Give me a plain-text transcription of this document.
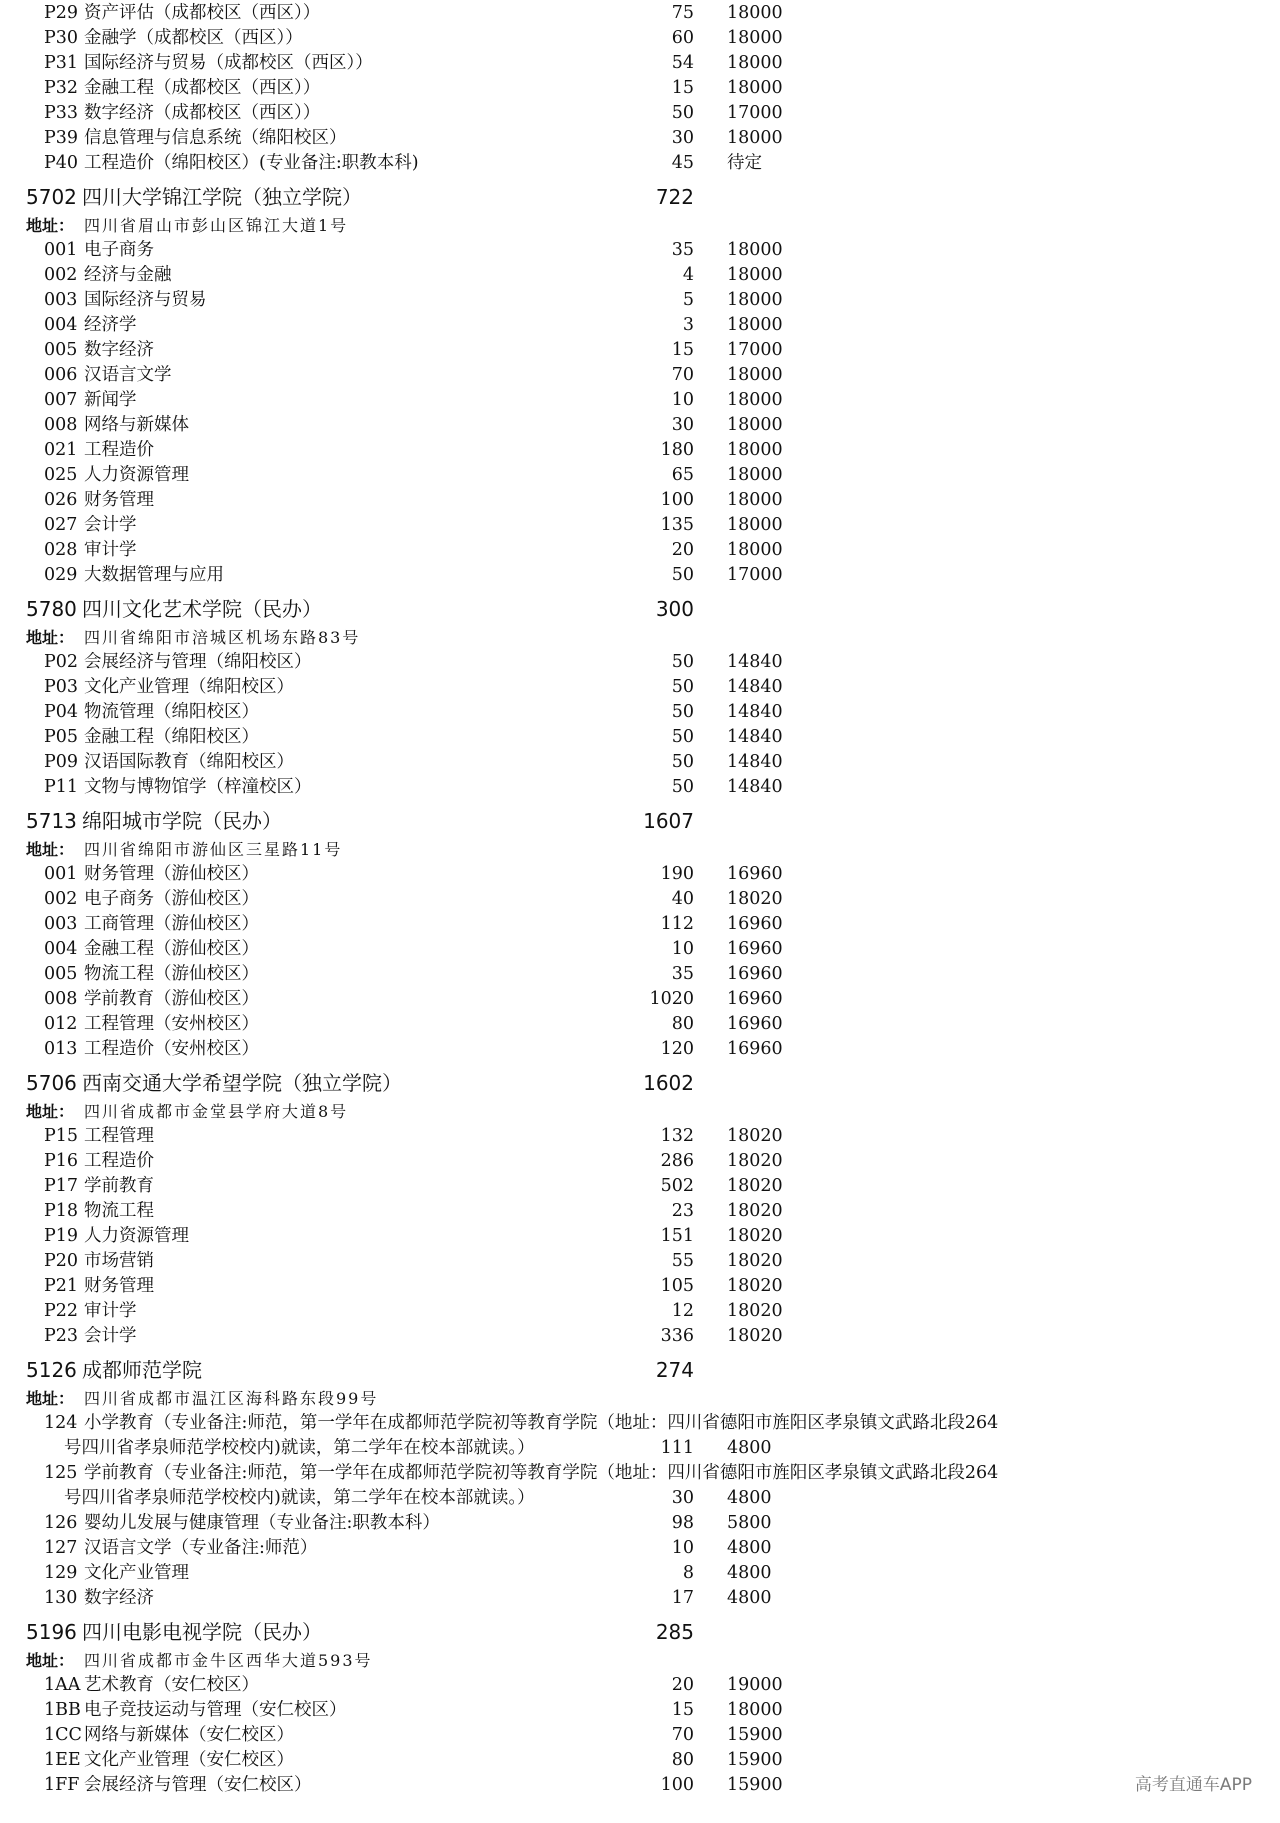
P29 资产评估（成都校区（西区））	75 18000
P30 金融学（成都校区（西区））	60 18000
P31 国际经济与贸易（成都校区（西区））	54 18000
P32 金融工程（成都校区（西区））	15 18000
P33 数字经济（成都校区（西区））	50 17000
P39 信息管理与信息系统（绵阳校区）	30 18000
P40 工程造价（绵阳校区）(专业备注:职教本科)	45 待定
5702 四川大学锦江学院（独立学院）	722
地址： 四川省眉山市彭山区锦江大道1号
001 电子商务	35 18000
002 经济与金融	4 18000
003 国际经济与贸易	5 18000
004 经济学	3 18000
005 数字经济	15 17000
006 汉语言文学	70 18000
007 新闻学	10 18000
008 网络与新媒体	30 18000
021 工程造价	180 18000
025 人力资源管理	65 18000
026 财务管理	100 18000
027 会计学	135 18000
028 审计学	20 18000
029 大数据管理与应用	50 17000
5780 四川文化艺术学院（民办）	300
地址： 四川省绵阳市涪城区机场东路83号
P02 会展经济与管理（绵阳校区）	50 14840
P03 文化产业管理（绵阳校区）	50 14840
P04 物流管理（绵阳校区）	50 14840
P05 金融工程（绵阳校区）	50 14840
P09 汉语国际教育（绵阳校区）	50 14840
P11 文物与博物馆学（梓潼校区）	50 14840
5713 绵阳城市学院（民办）	1607
地址： 四川省绵阳市游仙区三星路11号
001 财务管理（游仙校区）	190 16960
002 电子商务（游仙校区）	40 18020
003 工商管理（游仙校区）	112 16960
004 金融工程（游仙校区）	10 16960
005 物流工程（游仙校区）	35 16960
008 学前教育（游仙校区）	1020 16960
012 工程管理（安州校区）	80 16960
013 工程造价（安州校区）	120 16960
5706 西南交通大学希望学院（独立学院）	1602
地址： 四川省成都市金堂县学府大道8号
P15 工程管理	132 18020
P16 工程造价	286 18020
P17 学前教育	502 18020
P18 物流工程	23 18020
P19 人力资源管理	151 18020
P20 市场营销	55 18020
P21 财务管理	105 18020
P22 审计学	12 18020
P23 会计学	336 18020
5126 成都师范学院	274
地址： 四川省成都市温江区海科路东段99号
124 小学教育（专业备注:师范，第一学年在成都师范学院初等教育学院（地址：四川省德阳市旌阳区孝泉镇文武路北段264
号四川省孝泉师范学校校内)就读，第二学年在校本部就读。）	111 4800
125 学前教育（专业备注:师范，第一学年在成都师范学院初等教育学院（地址：四川省德阳市旌阳区孝泉镇文武路北段264
号四川省孝泉师范学校校内)就读，第二学年在校本部就读。）	30 4800
126 婴幼儿发展与健康管理（专业备注:职教本科）	98 5800
127 汉语言文学（专业备注:师范）	10 4800
129 文化产业管理	8 4800
130 数字经济	17 4800
5196 四川电影电视学院（民办）	285
地址： 四川省成都市金牛区西华大道593号
1AA 艺术教育（安仁校区）	20 19000
1BB 电子竞技运动与管理（安仁校区）	15 18000
1CC 网络与新媒体（安仁校区）	70 15900
1EE 文化产业管理（安仁校区）	80 15900
1FF 会展经济与管理（安仁校区）	100 15900	高考直通车APP
